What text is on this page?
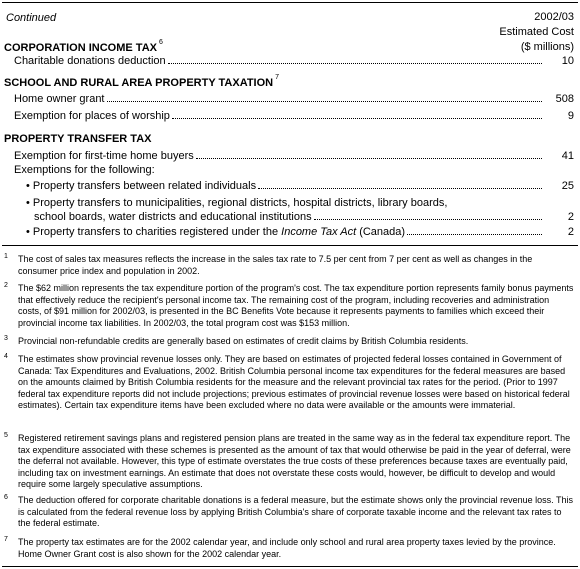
Continued	2002/03
Estimated Cost
($ millions)
CORPORATION INCOME TAX $^6$
Charitable donations deduction	10
SCHOOL AND RURAL AREA PROPERTY TAXATION $^7$
Home owner grant	508
Exemption for places of worship	9
PROPERTY TRANSFER TAX
Exemption for first-time home buyers	41
Exemptions for the following:
• Property transfers between related individuals	25
• Property transfers to municipalities, regional districts, hospital districts, library boards,
school boards, water districts and educational institutions	2
• Property transfers to charities registered under the Income Tax Act (Canada)	2
1 The cost of sales tax measures reflects the increase in the sales tax rate to 7.5 per cent from 7 per cent as well as changes in the consumer price index and population in 2002.
2 The $62 million represents the tax expenditure portion of the program's cost. The tax expenditure portion represents family bonus payments that effectively reduce the recipient's personal income tax. The remaining cost of the program, including recoveries and administration costs, of $91 million for 2002/03, is presented in the BC Benefits Vote because it represents payments to families which exceed their provincial income tax liabilities. In 2002/03, the total program cost was $153 million.
3 Provincial non-refundable credits are generally based on estimates of credit claims by British Columbia residents.
4 The estimates show provincial revenue losses only. They are based on estimates of projected federal losses contained in Government of Canada: Tax Expenditures and Evaluations, 2002. British Columbia personal income tax expenditures for the federal measures are based on the amounts claimed by British Columbia residents for the measure and the relevant provincial tax rates for the period. (Prior to 1997 federal tax expenditure reports did not include projections; previous estimates of provincial revenue losses were based on historical federal estimates). Certain tax expenditure items have been excluded where no data were available or the amounts were immaterial.
5 Registered retirement savings plans and registered pension plans are treated in the same way as in the federal tax expenditure report. The tax expenditure associated with these schemes is presented as the amount of tax that would otherwise be paid in the year of deferral, were the deferral not available. However, this type of estimate overstates the true costs of these preferences because taxes are eventually paid, including tax on investment earnings. An estimate that does not overstate these costs would, however, be difficult to develop and would require some largely speculative assumptions.
6 The deduction offered for corporate charitable donations is a federal measure, but the estimate shows only the provincial revenue loss. This is calculated from the federal revenue loss by applying British Columbia's share of corporate taxable income and the relevant tax rates to the federal estimate.
7 The property tax estimates are for the 2002 calendar year, and include only school and rural area property taxes levied by the province. Home Owner Grant cost is also shown for the 2002 calendar year.
